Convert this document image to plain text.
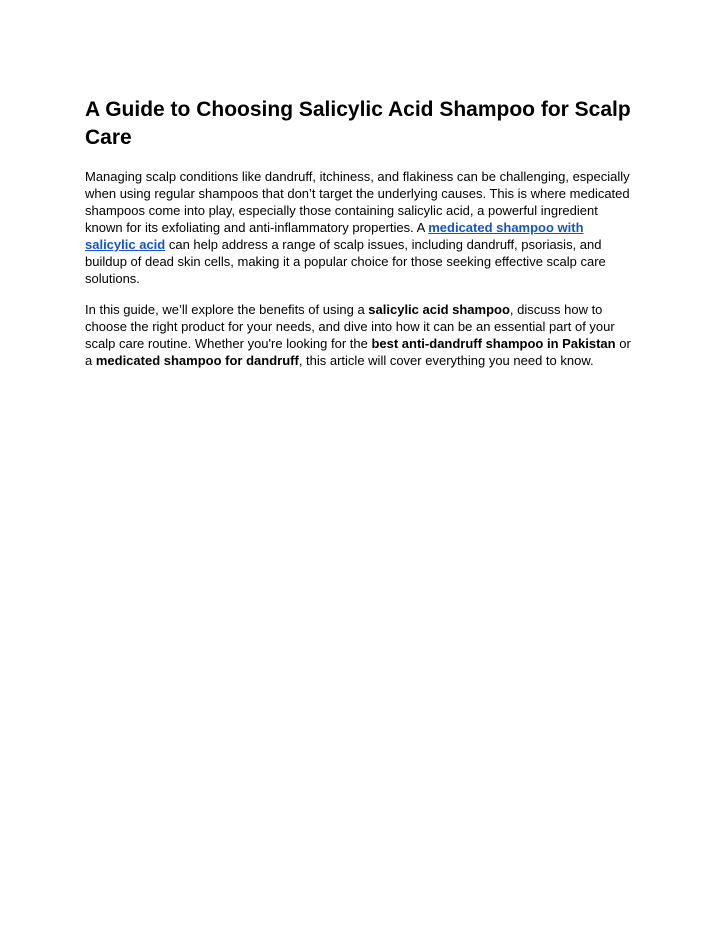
A Guide to Choosing Salicylic Acid Shampoo for Scalp Care

Managing scalp conditions like dandruff, itchiness, and flakiness can be challenging, especially when using regular shampoos that don’t target the underlying causes. This is where medicated shampoos come into play, especially those containing salicylic acid, a powerful ingredient known for its exfoliating and anti-inflammatory properties. A medicated shampoo with salicylic acid can help address a range of scalp issues, including dandruff, psoriasis, and buildup of dead skin cells, making it a popular choice for those seeking effective scalp care solutions.

In this guide, we’ll explore the benefits of using a salicylic acid shampoo, discuss how to choose the right product for your needs, and dive into how it can be an essential part of your scalp care routine. Whether you're looking for the best anti-dandruff shampoo in Pakistan or a medicated shampoo for dandruff, this article will cover everything you need to know.
